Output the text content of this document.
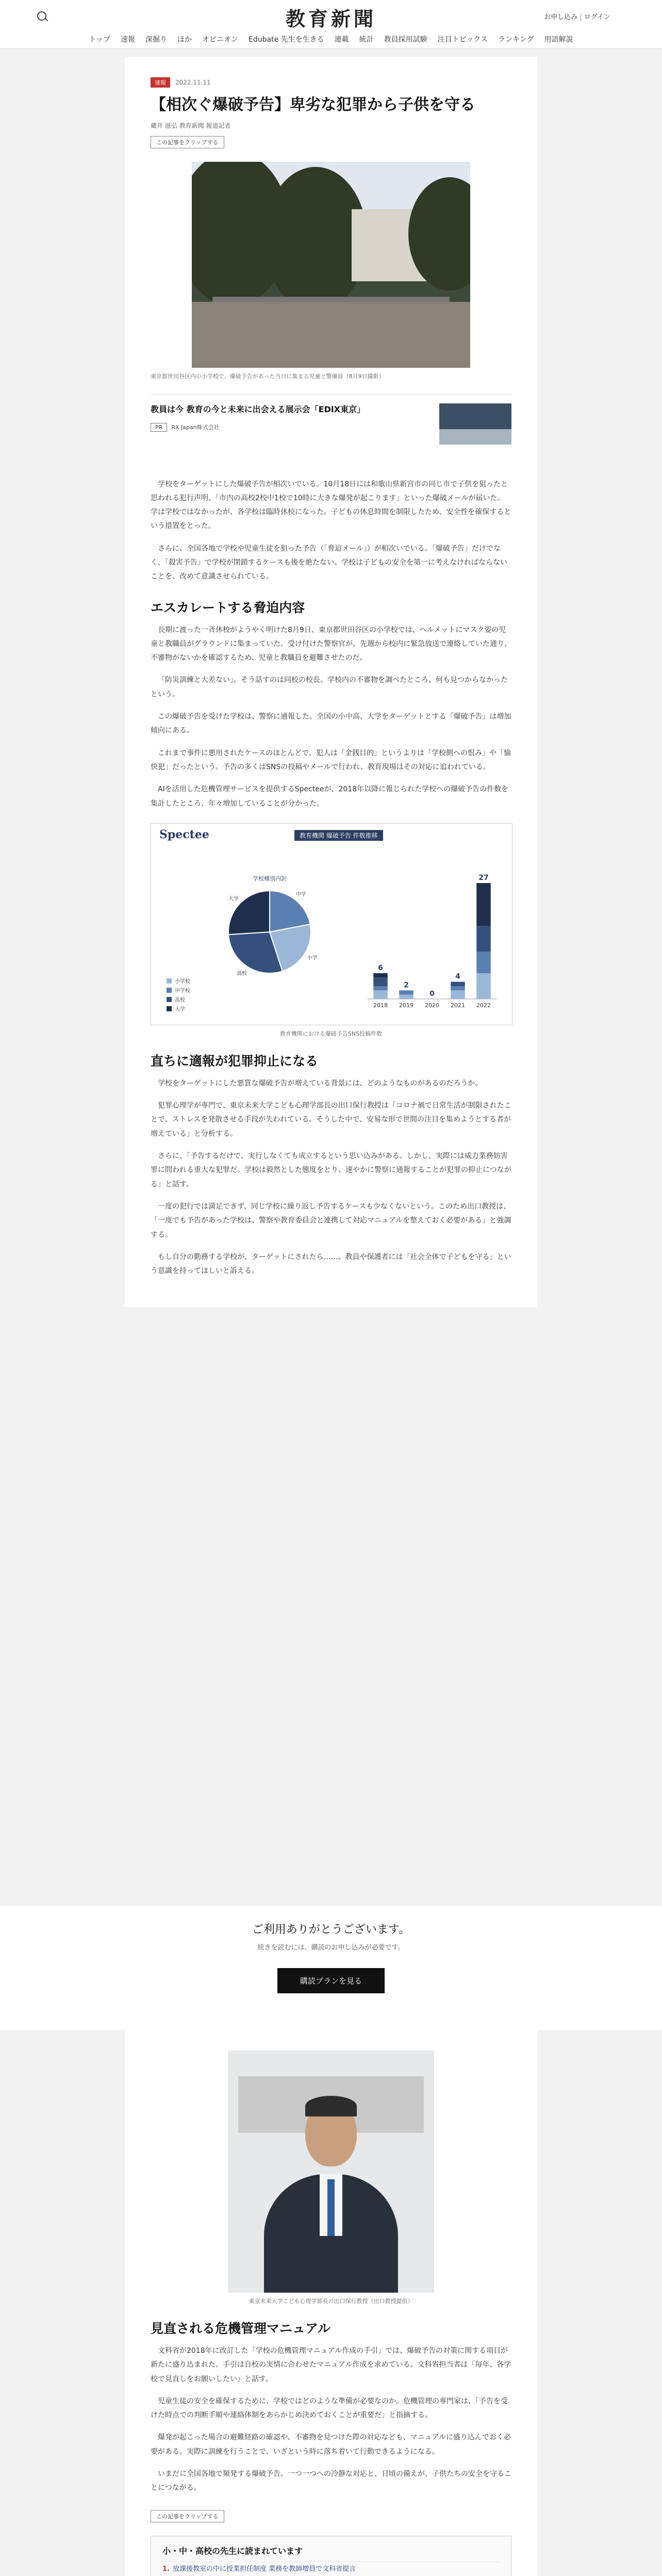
教育新聞	お申し込み | ログイン
トップ 速報 深掘り ほか オピニオン Edubate 先生を生きる 連載 統計 教員採用試験 注目トピックス ランキング 用語解説
速報	2022.11.11
【相次ぐ爆破予告】卑劣な犯罪から子供を守る
蔵井 滋弘 教育新聞 報道記者
この記事をクリップする
東京都世田谷区内の小学校で、爆破予告があった当日に集まる児童と警備員（8月9日撮影）
教員は今 教育の今と未来に出会える展示会「EDIX東京」
PR RX Japan株式会社

学校をターゲットにした爆破予告が相次いでいる。10月18日には和歌山県新宮市の同じ市で子供を狙ったと思われる犯行声明、「市内の高校2校中1校で10時に大きな爆発が起こります」といった爆破メールが届いた。学は学校ではなかったが、各学校は臨時休校になった。子どもの休息時間を制限したため、安全性を確保するという措置をとった。

さらに、全国各地で学校や児童生徒を狙った予告（「脅迫メール」）が相次いでいる。「爆破予告」だけでなく、「殺害予告」で学校が閉鎖するケースも後を絶たない。学校は子どもの安全を第一に考えなければならないことを、改めて意識させられている。

エスカレートする脅迫内容

長期に渡った一斉休校がようやく明けた8月9日、東京都世田谷区の小学校では、ヘルメットにマスク姿の児童と教職員がグラウンドに集まっていた。受け付けた警察官が、先週から校内に緊急放送で連絡していた通り、不審物がないかを確認するため、児童と教職員を避難させたのだ。

「防災訓練と大差ない」。そう話すのは同校の校長。学校内の不審物を調べたところ、何も見つからなかったという。

この爆破予告を受けた学校は、警察に通報した。全国の小中高、大学をターゲットとする「爆破予告」は増加傾向にある。

これまで事件に悪用されたケースのほとんどで、犯人は「金銭目的」というよりは「学校側への恨み」や「愉快犯」だったという。予告の多くはSNSの投稿やメールで行われ、教育現場はその対応に追われている。

AIを活用した危機管理サービスを提供するSpecteeが、2018年以降に報じられた学校への爆破予告の件数を集計したところ、年々増加していることが分かった。

Spectee	教育機関 爆破予告 件数推移
中学
小学
高校
大学
学校種別内訳
6
2018
2
2019
0
2020
4
2021
27
2022
小学校
中学校
高校
大学
教育機関における爆破予告SNS投稿件数
直ちに適報が犯罪抑止になる

学校をターゲットにした悪質な爆破予告が増えている背景には、どのようなものがあるのだろうか。

犯罪心理学が専門で、東京未来大学こども心理学部長の出口保行教授は「コロナ禍で日常生活が制限されたことで、ストレスを発散させる手段が失われている。そうした中で、安易な形で世間の注目を集めようとする者が増えている」と分析する。

さらに、「予告するだけで、実行しなくても成立するという思い込みがある。しかし、実際には威力業務妨害罪に問われる重大な犯罪だ。学校は毅然とした態度をとり、速やかに警察に通報することが犯罪の抑止につながる」と話す。

一度の犯行では満足できず、同じ学校に繰り返し予告するケースも少なくないという。このため出口教授は、「一度でも予告があった学校は、警察や教育委員会と連携して対応マニュアルを整えておく必要がある」と強調する。

もし自分の勤務する学校が、ターゲットにされたら……。教員や保護者には「社会全体で子どもを守る」という意識を持ってほしいと訴える。

ご利用ありがとうございます。
続きを読むには、購読のお申し込みが必要です。
購読プランを見る
東京未来大学こども心理学部長の出口保行教授（出口教授提供）
見直される危機管理マニュアル

文科省が2018年に改訂した「学校の危機管理マニュアル作成の手引」では、爆破予告の対策に関する項目が新たに盛り込まれた。手引は自校の実情に合わせたマニュアル作成を求めている。文科省担当者は「毎年、各学校で見直しをお願いしたい」と話す。

児童生徒の安全を確保するために、学校ではどのような準備が必要なのか。危機管理の専門家は、「予告を受けた時点での判断手順や連絡体制をあらかじめ決めておくことが重要だ」と指摘する。

爆発が起こった場合の避難経路の確認や、不審物を見つけた際の対応なども、マニュアルに盛り込んでおく必要がある。実際に訓練を行うことで、いざという時に落ち着いて行動できるようになる。

いまだに全国各地で頻発する爆破予告。一つ一つへの冷静な対応と、日頃の備えが、子供たちの安全を守ることにつながる。

この記事をクリップする
小・中・高校の先生に読まれています
1. 放課後教室の中に授業担任制度 業務を教師増員で文科省提言
